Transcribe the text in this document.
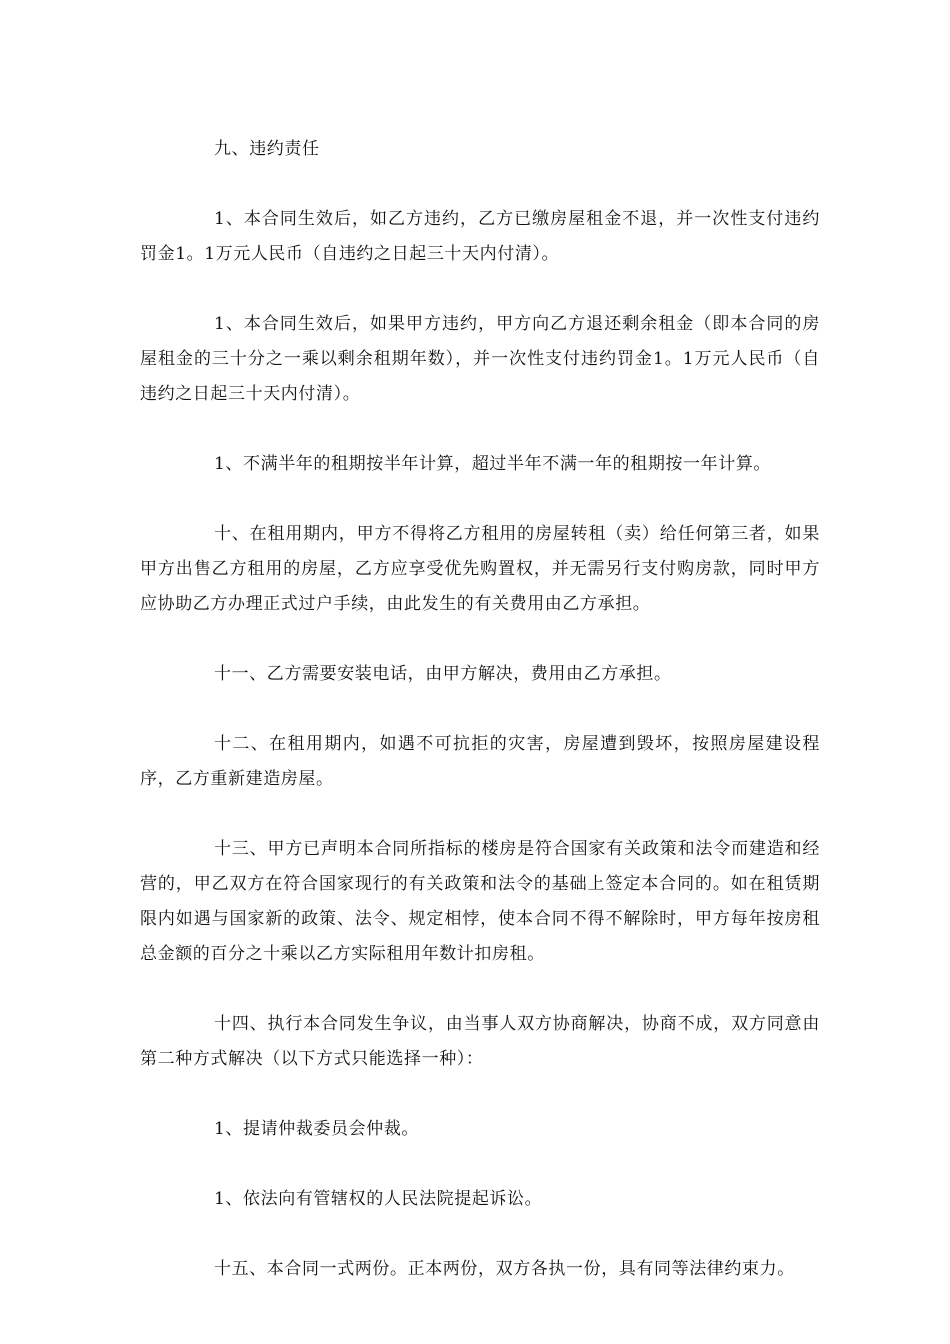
九、违约责任

1、本合同生效后，如乙方违约，乙方已缴房屋租金不退，并一次性支付违约罚金1。1万元人民币（自违约之日起三十天内付清）。

1、本合同生效后，如果甲方违约，甲方向乙方退还剩余租金（即本合同的房屋租金的三十分之一乘以剩余租期年数），并一次性支付违约罚金1。1万元人民币（自违约之日起三十天内付清）。

1、不满半年的租期按半年计算，超过半年不满一年的租期按一年计算。

十、在租用期内，甲方不得将乙方租用的房屋转租（卖）给任何第三者，如果甲方出售乙方租用的房屋，乙方应享受优先购置权，并无需另行支付购房款，同时甲方应协助乙方办理正式过户手续，由此发生的有关费用由乙方承担。

十一、乙方需要安装电话，由甲方解决，费用由乙方承担。

十二、在租用期内，如遇不可抗拒的灾害，房屋遭到毁坏，按照房屋建设程序，乙方重新建造房屋。

十三、甲方已声明本合同所指标的楼房是符合国家有关政策和法令而建造和经营的，甲乙双方在符合国家现行的有关政策和法令的基础上签定本合同的。如在租赁期限内如遇与国家新的政策、法令、规定相悖，使本合同不得不解除时，甲方每年按房租总金额的百分之十乘以乙方实际租用年数计扣房租。

十四、执行本合同发生争议，由当事人双方协商解决，协商不成，双方同意由第二种方式解决（以下方式只能选择一种）：

1、提请仲裁委员会仲裁。

1、依法向有管辖权的人民法院提起诉讼。

十五、本合同一式两份。正本两份，双方各执一份，具有同等法律约束力。
